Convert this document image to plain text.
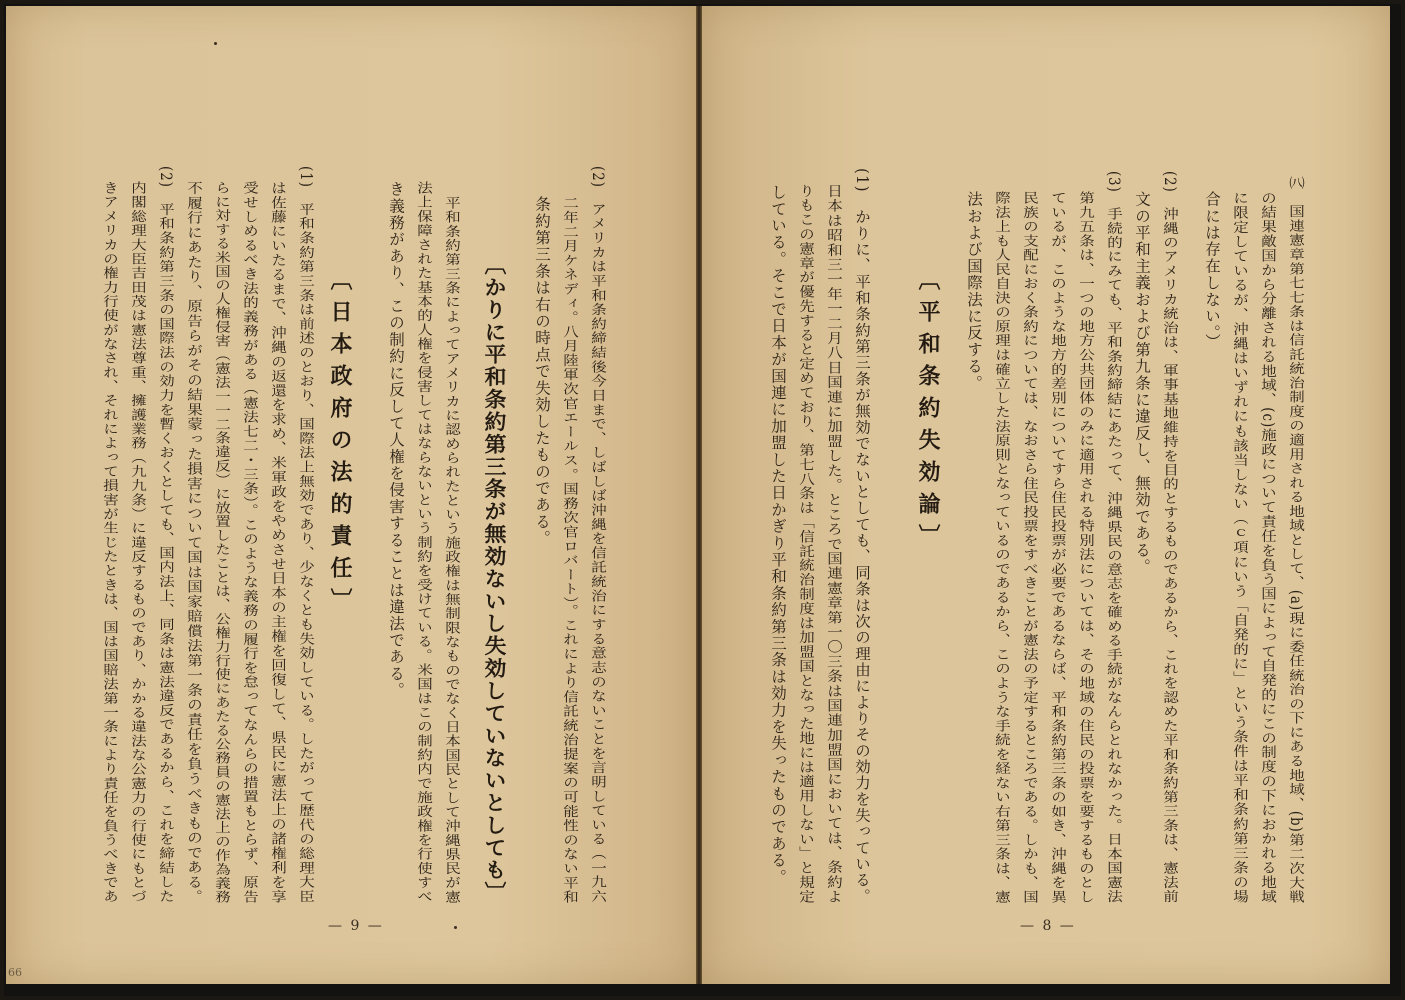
(2)　アメリカは平和条約締結後今日まで、しばしば沖縄を信託統治にする意志のないことを言明している（一九六
二年二月ケネディ。八月陸軍次官エールス。国務次官ロバート）。これにより信託統治提案の可能性のない平和
条約第三条は右の時点で失効したものである。
〔かりに平和条約第三条が無効ないし失効していないとしても〕
平和条約第三条によってアメリカに認められたという施政権は無制限なものでなく日本国民として沖縄県民が憲
法上保障された基本的人権を侵害してはならないという制約を受けている。米国はこの制約内で施政権を行使すべ
き義務があり、この制約に反して人権を侵害することは違法である。
〔日本政府の法的責任〕
(1)　平和条約第三条は前述のとおり、国際法上無効であり、少なくとも失効している。したがって歴代の総理大臣
は佐藤にいたるまで、沖縄の返還を求め、米軍政をやめさせ日本の主権を回復して、県民に憲法上の諸権利を享
受せしめるべき法的義務がある（憲法七二・三条）。このような義務の履行を怠ってなんらの措置もとらず、原告
らに対する米国の人権侵害（憲法一一二条違反）に放置したことは、公権力行使にあたる公務員の憲法上の作為義務
不履行にあたり、原告らがその結果蒙った損害について国は国家賠償法第一条の責任を負うべきものである。
(2)　平和条約第三条の国際法の効力を暫くおくとしても、国内法上、同条は憲法違反であるから、これを締結した
内閣総理大臣吉田茂は憲法尊重、擁護業務（九九条）に違反するものであり、かかる違法な公憲力の行使にもとづ
きアメリカの権力行使がなされ、それによって損害が生じたときは、国は国賠法第一条により責任を負うべきであ
— 9 —
66
㈧　国連憲章第七七条は信託統治制度の適用される地域として、(a)現に委任統治の下にある地域、(b)第二次大戦
の結果敵国から分離される地域、(c)施政について責任を負う国によって自発的にこの制度の下におかれる地域
に限定しているが、沖縄はいずれにも該当しない（ｃ項にいう「自発的に」という条件は平和条約第三条の場
合には存在しない。）
(2)　沖縄のアメリカ統治は、軍事基地維持を目的とするものであるから、これを認めた平和条約第三条は、憲法前
文の平和主義および第九条に違反し、無効である。
(3)　手続的にみても、平和条約締結にあたって、沖縄県民の意志を確める手続がなんらとれなかった。日本国憲法
第九五条は、一つの地方公共団体のみに適用される特別法については、その地域の住民の投票を要するものとし
ているが、このような地方的差別についてすら住民投票が必要であるならば、平和条約第三条の如き、沖縄を異
民族の支配におく条約については、なおさら住民投票をすべきことが憲法の予定するところである。しかも、国
際法上も人民自決の原理は確立した法原則となっているのであるから、このような手続を経ない右第三条は、憲
法および国際法に反する。
〔平和条約失効論〕
(1)　かりに、平和条約第三条が無効でないとしても、同条は次の理由によりその効力を失っている。
日本は昭和三一年一二月八日国連に加盟した。ところで国連憲章第一〇三条は国連加盟国においては、条約よ
りもこの憲章が優先すると定めており、第七八条は「信託統治制度は加盟国となった地には適用しない」と規定
している。そこで日本が国連に加盟した日かぎり平和条約第三条は効力を失ったものである。
— 8 —
